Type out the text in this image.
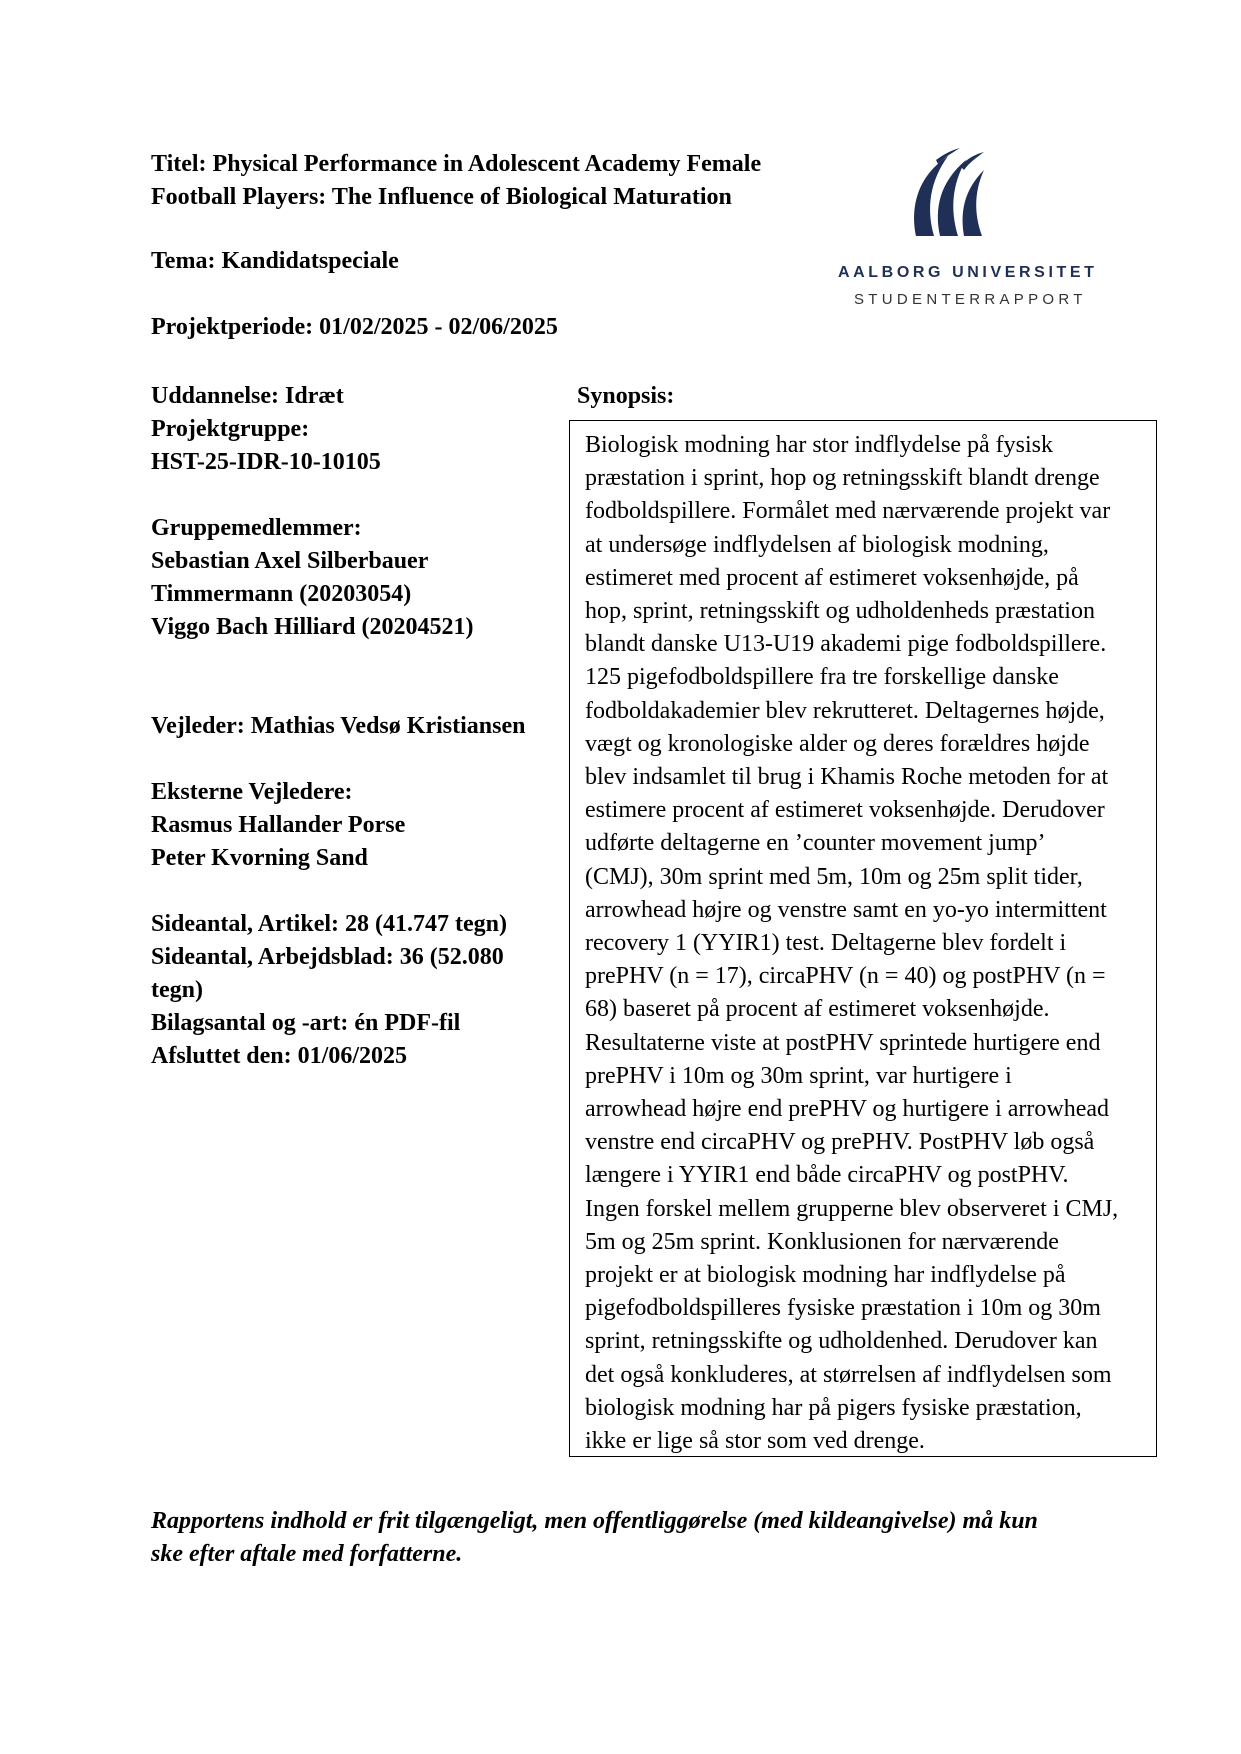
Titel: Physical Performance in Adolescent Academy Female
Football Players: The Influence of Biological Maturation
Tema: Kandidatspeciale
Projektperiode: 01/02/2025 - 02/06/2025
AALBORG UNIVERSITET
STUDENTERRAPPORT
Uddannelse: Idræt
Projektgruppe:
HST-25-IDR-10-10105
Gruppemedlemmer:
Sebastian Axel Silberbauer
Timmermann (20203054)
Viggo Bach Hilliard (20204521)
Vejleder: Mathias Vedsø Kristiansen
Eksterne Vejledere:
Rasmus Hallander Porse
Peter Kvorning Sand
Sideantal, Artikel: 28 (41.747 tegn)
Sideantal, Arbejdsblad: 36 (52.080
tegn)
Bilagsantal og -art: én PDF-fil
Afsluttet den: 01/06/2025
Synopsis:
Biologisk modning har stor indflydelse på fysisk
præstation i sprint, hop og retningsskift blandt drenge
fodboldspillere. Formålet med nærværende projekt var
at undersøge indflydelsen af biologisk modning,
estimeret med procent af estimeret voksenhøjde, på
hop, sprint, retningsskift og udholdenheds præstation
blandt danske U13-U19 akademi pige fodboldspillere.
125 pigefodboldspillere fra tre forskellige danske
fodboldakademier blev rekrutteret. Deltagernes højde,
vægt og kronologiske alder og deres forældres højde
blev indsamlet til brug i Khamis Roche metoden for at
estimere procent af estimeret voksenhøjde. Derudover
udførte deltagerne en ’counter movement jump’
(CMJ), 30m sprint med 5m, 10m og 25m split tider,
arrowhead højre og venstre samt en yo-yo intermittent
recovery 1 (YYIR1) test. Deltagerne blev fordelt i
prePHV (n = 17), circaPHV (n = 40) og postPHV (n =
68) baseret på procent af estimeret voksenhøjde.
Resultaterne viste at postPHV sprintede hurtigere end
prePHV i 10m og 30m sprint, var hurtigere i
arrowhead højre end prePHV og hurtigere i arrowhead
venstre end circaPHV og prePHV. PostPHV løb også
længere i YYIR1 end både circaPHV og postPHV.
Ingen forskel mellem grupperne blev observeret i CMJ,
5m og 25m sprint. Konklusionen for nærværende
projekt er at biologisk modning har indflydelse på
pigefodboldspilleres fysiske præstation i 10m og 30m
sprint, retningsskifte og udholdenhed. Derudover kan
det også konkluderes, at størrelsen af indflydelsen som
biologisk modning har på pigers fysiske præstation,
ikke er lige så stor som ved drenge.
Rapportens indhold er frit tilgængeligt, men offentliggørelse (med kildeangivelse) må kun
ske efter aftale med forfatterne.
